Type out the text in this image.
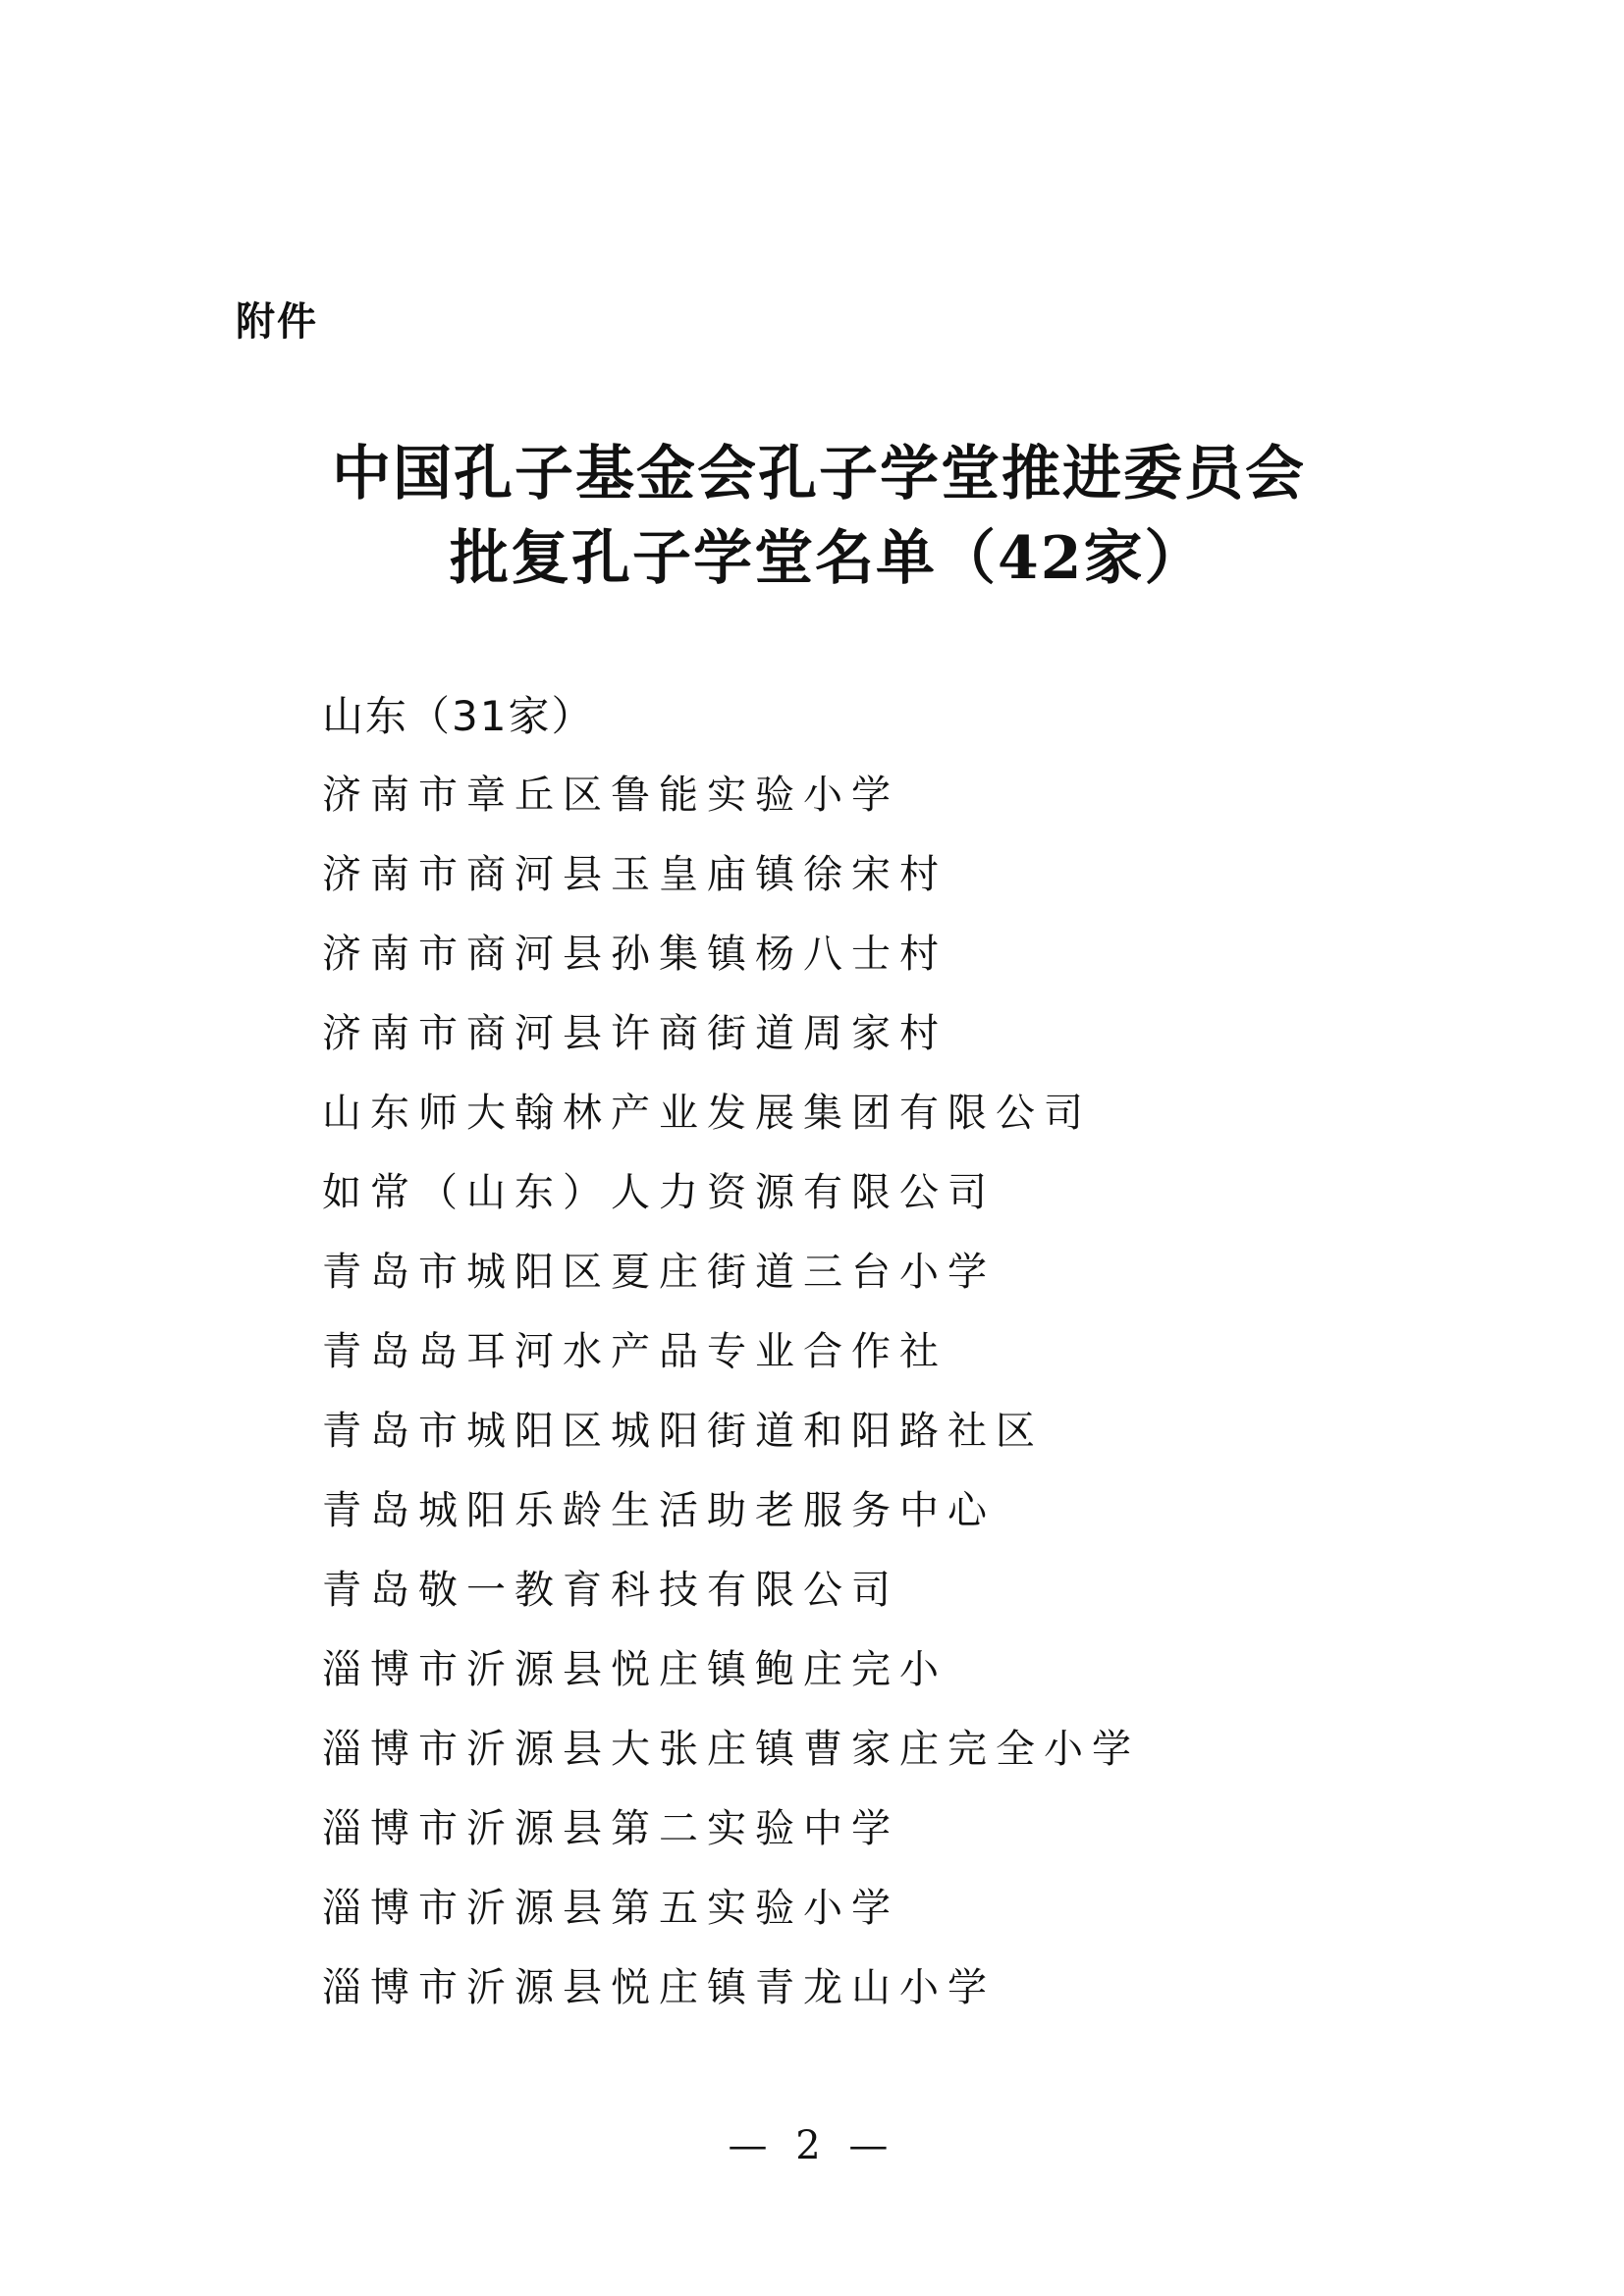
附件
中国孔子基金会孔子学堂推进委员会
批复孔子学堂名单（42家）
山东（31家）
济南市章丘区鲁能实验小学
济南市商河县玉皇庙镇徐宋村
济南市商河县孙集镇杨八士村
济南市商河县许商街道周家村
山东师大翰林产业发展集团有限公司
如常（山东）人力资源有限公司
青岛市城阳区夏庄街道三台小学
青岛岛耳河水产品专业合作社
青岛市城阳区城阳街道和阳路社区
青岛城阳乐龄生活助老服务中心
青岛敬一教育科技有限公司
淄博市沂源县悦庄镇鲍庄完小
淄博市沂源县大张庄镇曹家庄完全小学
淄博市沂源县第二实验中学
淄博市沂源县第五实验小学
淄博市沂源县悦庄镇青龙山小学
— 2 —
